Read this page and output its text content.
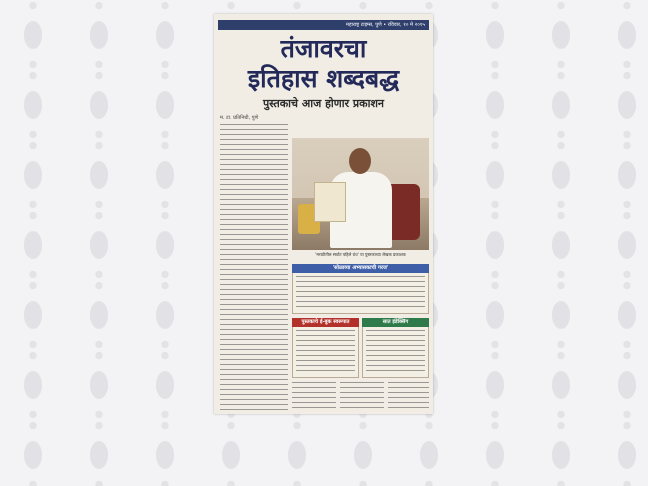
महाराष्ट्र टाइम्स, पुणे • रविवार, १० मे २०१५
तंजावरचा
इतिहास शब्दबद्ध
पुस्तकाचे आज होणार प्रकाशन
म. टा. प्रतिनिधी, पुणे
'मराठीतील सर्वात पहिले ग्रंथ' या पुस्तकाच्या लेखक प्रकाशक
'सोळाव्या अभ्यासकाची गरज'
पुस्तकाचे ई-बुक स्वरूपात	सात इंडेक्सिंग
